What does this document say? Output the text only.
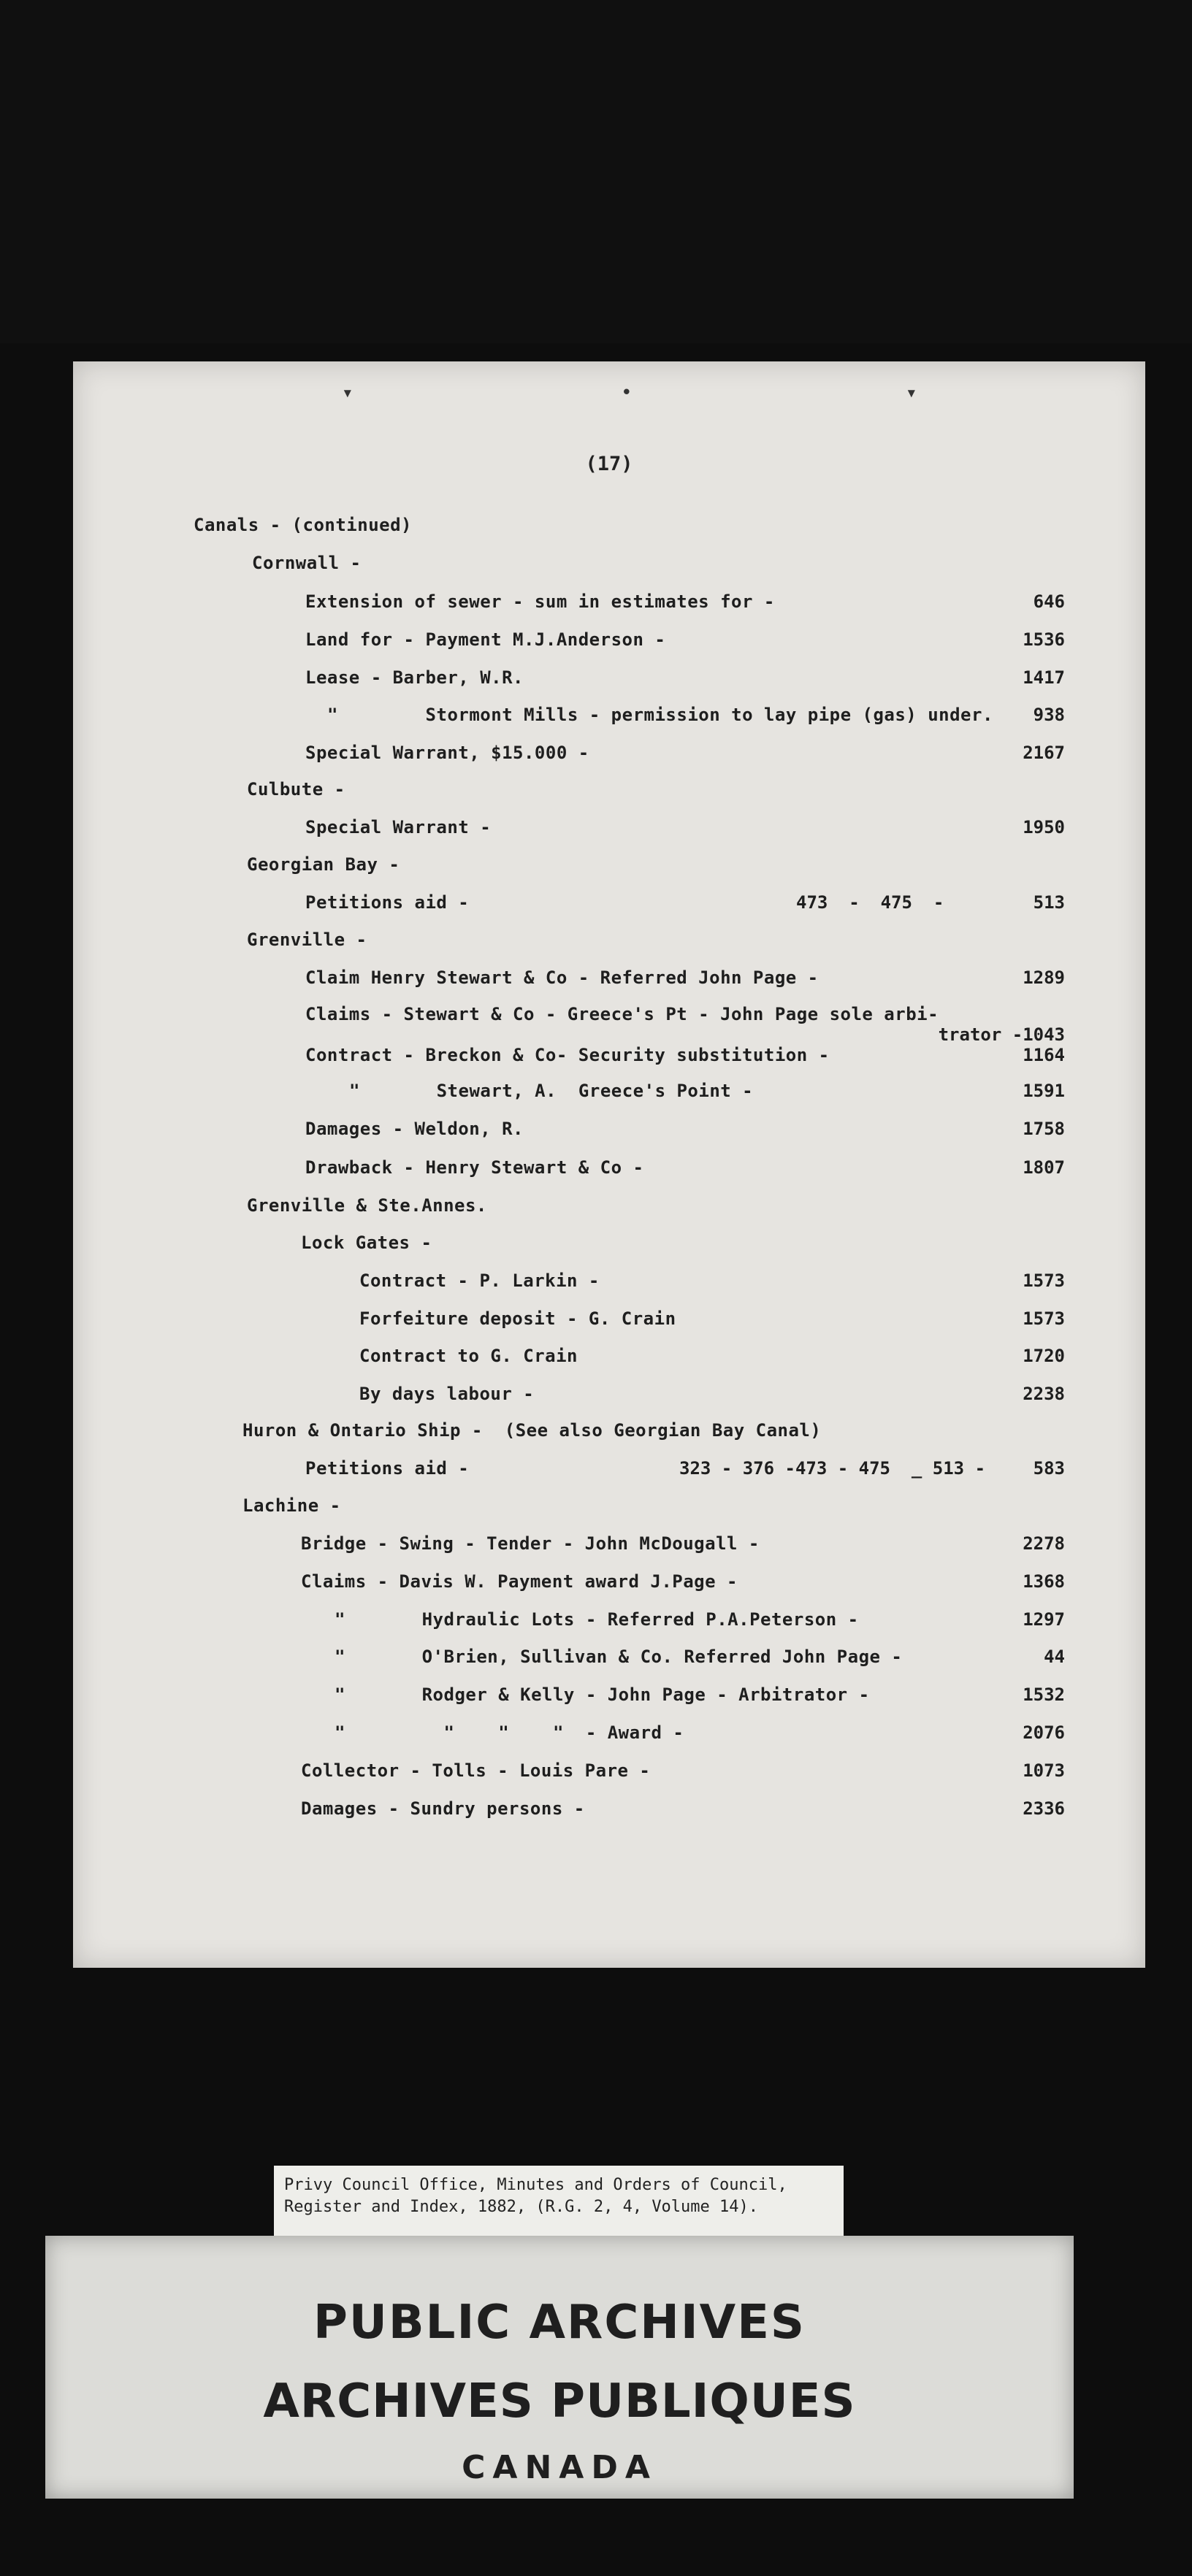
▾	•	▾
(17)
Canals - (continued)
Cornwall -
Extension of sewer - sum in estimates for -	646
Land for - Payment M.J.Anderson -	1536
Lease - Barber, W.R.	1417
"        Stormont Mills - permission to lay pipe (gas) under. 938
Special Warrant, $15.000 -	2167
Culbute -
Special Warrant -	1950
Georgian Bay -
Petitions aid -	473  -  475  -	513
Grenville -
Claim Henry Stewart & Co - Referred John Page -	1289
Claims - Stewart & Co - Greece's Pt - John Page sole arbi-
trator -1043
Contract - Breckon & Co- Security substitution -	1164
"       Stewart, A.  Greece's Point -	1591
Damages - Weldon, R.	1758
Drawback - Henry Stewart & Co -	1807
Grenville & Ste.Annes.
Lock Gates -
Contract - P. Larkin -	1573
Forfeiture deposit - G. Crain	1573
Contract to G. Crain	1720
By days labour -	2238
Huron & Ontario Ship -  (See also Georgian Bay Canal)
Petitions aid -	323 - 376 -473 - 475  _ 513 -	583
Lachine -
Bridge - Swing - Tender - John McDougall -	2278
Claims - Davis W. Payment award J.Page -	1368
"       Hydraulic Lots - Referred P.A.Peterson -	1297
"       O'Brien, Sullivan & Co. Referred John Page -	44
"       Rodger & Kelly - John Page - Arbitrator -	1532
"         "    "    "  - Award -	2076
Collector - Tolls - Louis Pare -	1073
Damages - Sundry persons -	2336
Privy Council Office, Minutes and Orders of Council,
Register and Index, 1882, (R.G. 2, 4, Volume 14).
PUBLIC ARCHIVES
ARCHIVES PUBLIQUES
CANADA
